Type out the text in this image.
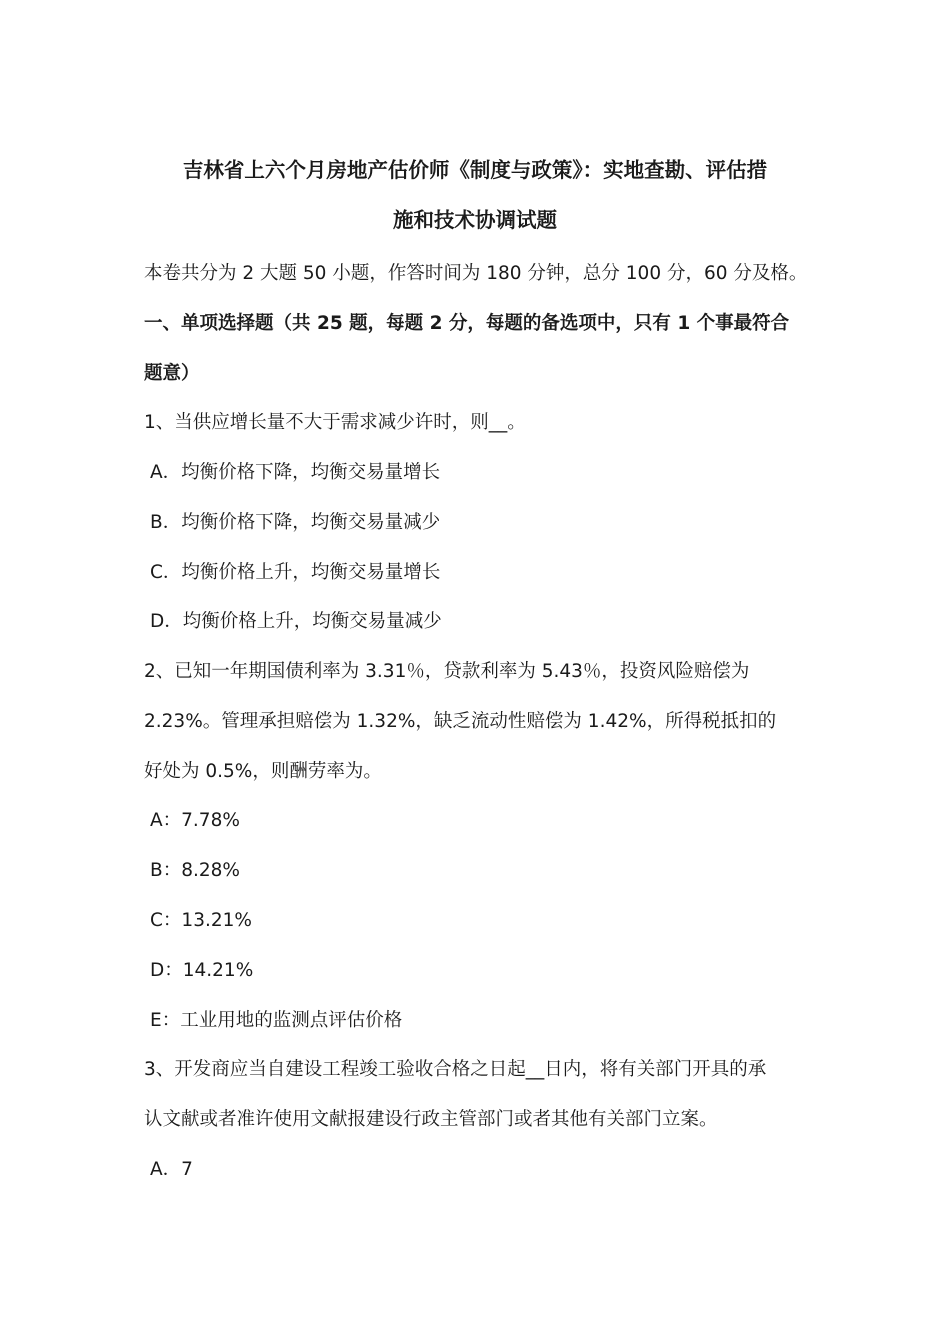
吉林省上六个月房地产估价师《制度与政策》：实地查勘、评估措
施和技术协调试题
本卷共分为 2 大题 50 小题，作答时间为 180 分钟，总分 100 分，60 分及格。
一、单项选择题（共 25 题，每题 2 分，每题的备选项中，只有 1 个事最符合
题意）
1、当供应增长量不大于需求减少许时，则__。
A．均衡价格下降，均衡交易量增长
B．均衡价格下降，均衡交易量减少
C．均衡价格上升，均衡交易量增长
D．均衡价格上升，均衡交易量减少
2、已知一年期国债利率为 3.31％，贷款利率为 5.43％，投资风险赔偿为
2.23%。管理承担赔偿为 1.32%，缺乏流动性赔偿为 1.42%，所得税抵扣的
好处为 0.5%，则酬劳率为。
A：7.78%
B：8.28%
C：13.21%
D：14.21%
E：工业用地的监测点评估价格
3、开发商应当自建设工程竣工验收合格之日起__日内，将有关部门开具的承
认文献或者准许使用文献报建设行政主管部门或者其他有关部门立案。
A．7
